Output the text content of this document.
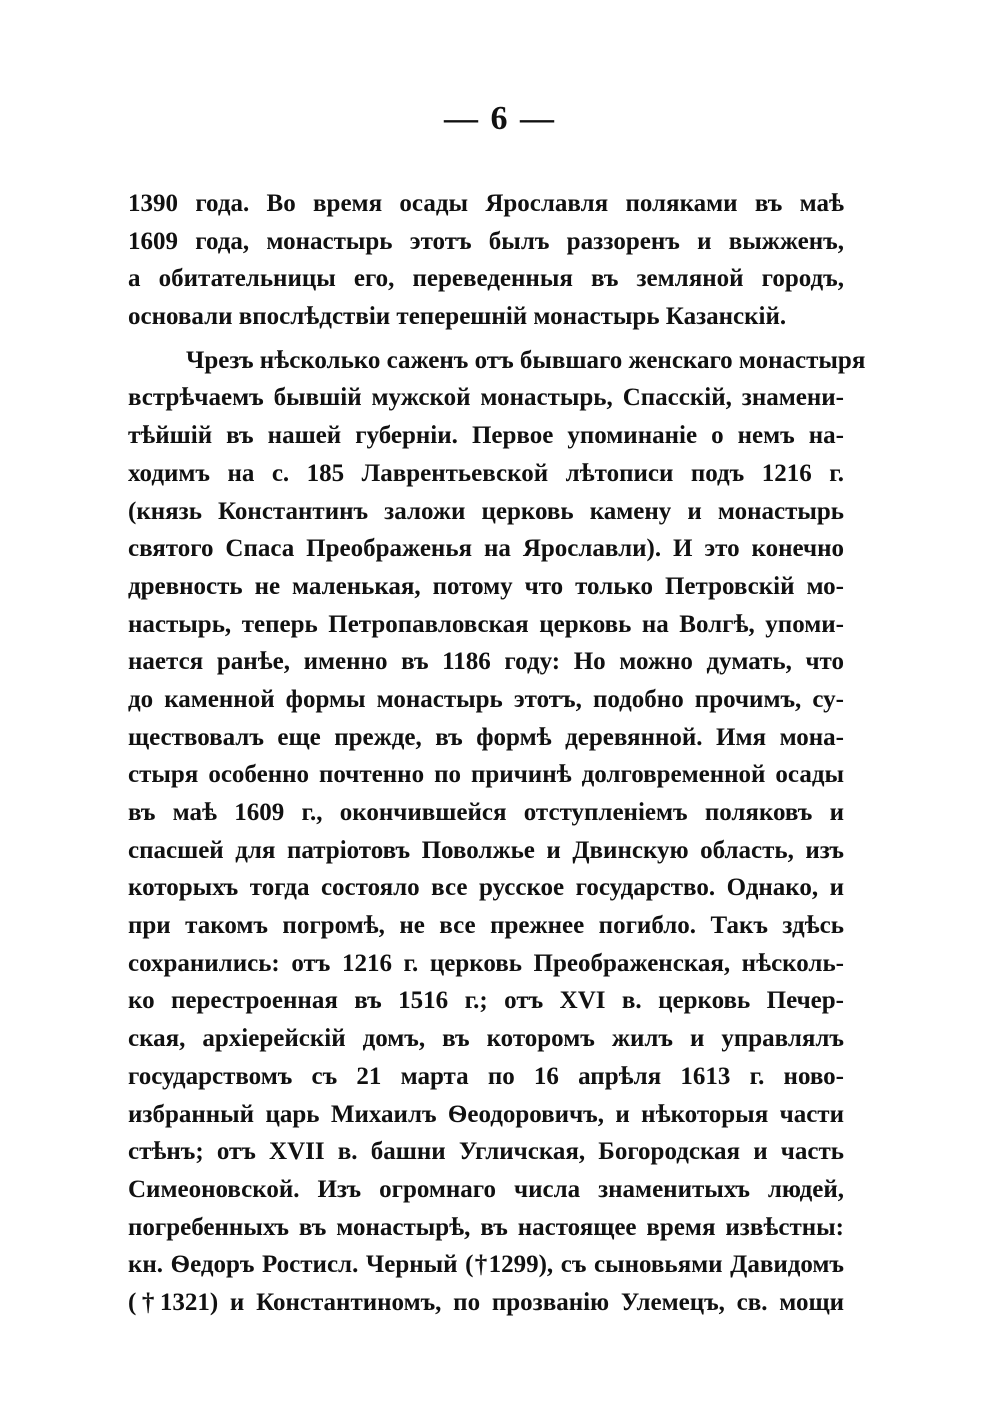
— 6 —
1390 года. Во время осады Ярославля поляками въ маѣ
1609 года, монастырь этотъ былъ раззоренъ и выжженъ,
а обитательницы его, переведенныя въ земляной городъ,
основали впослѣдствіи теперешній монастырь Казанскій.
Чрезъ нѣсколько саженъ отъ бывшаго женскаго монастыря
встрѣчаемъ бывшій мужской монастырь, Спасскій, знамени-
тѣйшій въ нашей губерніи. Первое упоминаніе о немъ на-
ходимъ на с. 185 Лаврентьевской лѣтописи подъ 1216 г.
(князь Константинъ заложи церковь камену и монастырь
святого Спаса Преображенья на Ярославли). И это конечно
древность не маленькая, потому что только Петровскій мо-
настырь, теперь Петропавловская церковь на Волгѣ, упоми-
нается ранѣе, именно въ 1186 году: Но можно думать, что
до каменной формы монастырь этотъ, подобно прочимъ, су-
ществовалъ еще прежде, въ формѣ деревянной. Имя мона-
стыря особенно почтенно по причинѣ долговременной осады
въ маѣ 1609 г., окончившейся отступленіемъ поляковъ и
спасшей для патріотовъ Поволжье и Двинскую область, изъ
которыхъ тогда состояло все русское государство. Однако, и
при такомъ погромѣ, не все прежнее погибло. Такъ здѣсь
сохранились: отъ 1216 г. церковь Преображенская, нѣсколь-
ко перестроенная въ 1516 г.; отъ XVI в. церковь Печер-
ская, архіерейскій домъ, въ которомъ жилъ и управлялъ
государствомъ съ 21 марта по 16 апрѣля 1613 г. ново-
избранный царь Михаилъ Ѳеодоровичъ, и нѣкоторыя части
стѣнъ; отъ XVII в. башни Угличская, Богородская и часть
Симеоновской. Изъ огромнаго числа знаменитыхъ людей,
погребенныхъ въ монастырѣ, въ настоящее время извѣстны:
кн. Ѳедоръ Ростисл. Черный (†1299), съ сыновьями Давидомъ
(†1321) и Константиномъ, по прозванію Улемецъ, св. мощи
